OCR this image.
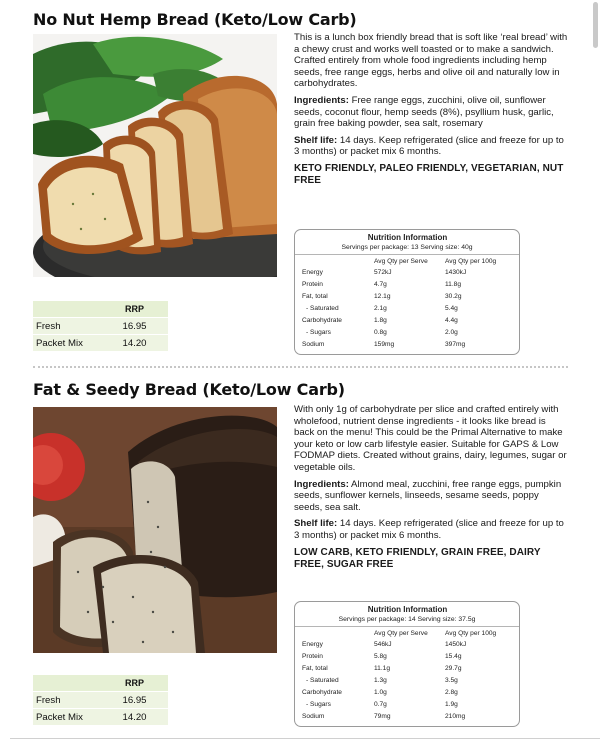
No Nut Hemp Bread (Keto/Low Carb)

This is a lunch box friendly bread that is soft like ‘real bread’ with a chewy crust and works well toasted or to make a sandwich. Crafted entirely from whole food ingredients including hemp seeds, free range eggs, herbs and olive oil and naturally low in carbohydrates.

Ingredients: Free range eggs, zucchini, olive oil, sunflower seeds, coconut flour, hemp seeds (8%), psyllium husk, garlic, grain free baking powder, sea salt, rosemary

Shelf life: 14 days. Keep refrigerated (slice and freeze for up to 3 months) or packet mix 6 months.

KETO FRIENDLY, PALEO FRIENDLY, VEGETARIAN, NUT FREE
Nutrition Information
Servings per package: 13 Serving size: 40g
Avg Qty per Serve	Avg Qty per 100g
Energy	572kJ	1430kJ
Protein	4.7g	11.8g
Fat, total	12.1g	30.2g
- Saturated	2.1g	5.4g
Carbohydrate	1.8g	4.4g
- Sugars	0.8g	2.0g
Sodium	159mg	397mg
RRP
Fresh	16.95
Packet Mix	14.20
Fat & Seedy Bread (Keto/Low Carb)

With only 1g of carbohydrate per slice and crafted entirely with wholefood, nutrient dense ingredients - it looks like bread is back on the menu! This could be the Primal Alternative to make your keto or low carb lifestyle easier. Suitable for GAPS & Low FODMAP diets. Created without grains, dairy, legumes, sugar or vegetable oils.

Ingredients: Almond meal, zucchini, free range eggs, pumpkin seeds, sunflower kernels, linseeds, sesame seeds, poppy seeds, sea salt.

Shelf life: 14 days. Keep refrigerated (slice and freeze for up to 3 months) or packet mix 6 months.

LOW CARB, KETO FRIENDLY, GRAIN FREE, DAIRY FREE, SUGAR FREE
Nutrition Information
Servings per package: 14 Serving size: 37.5g
Avg Qty per Serve	Avg Qty per 100g
Energy	546kJ	1450kJ
Protein	5.8g	15.4g
Fat, total	11.1g	29.7g
- Saturated	1.3g	3.5g
Carbohydrate	1.0g	2.8g
- Sugars	0.7g	1.9g
Sodium	79mg	210mg
RRP
Fresh	16.95
Packet Mix	14.20
